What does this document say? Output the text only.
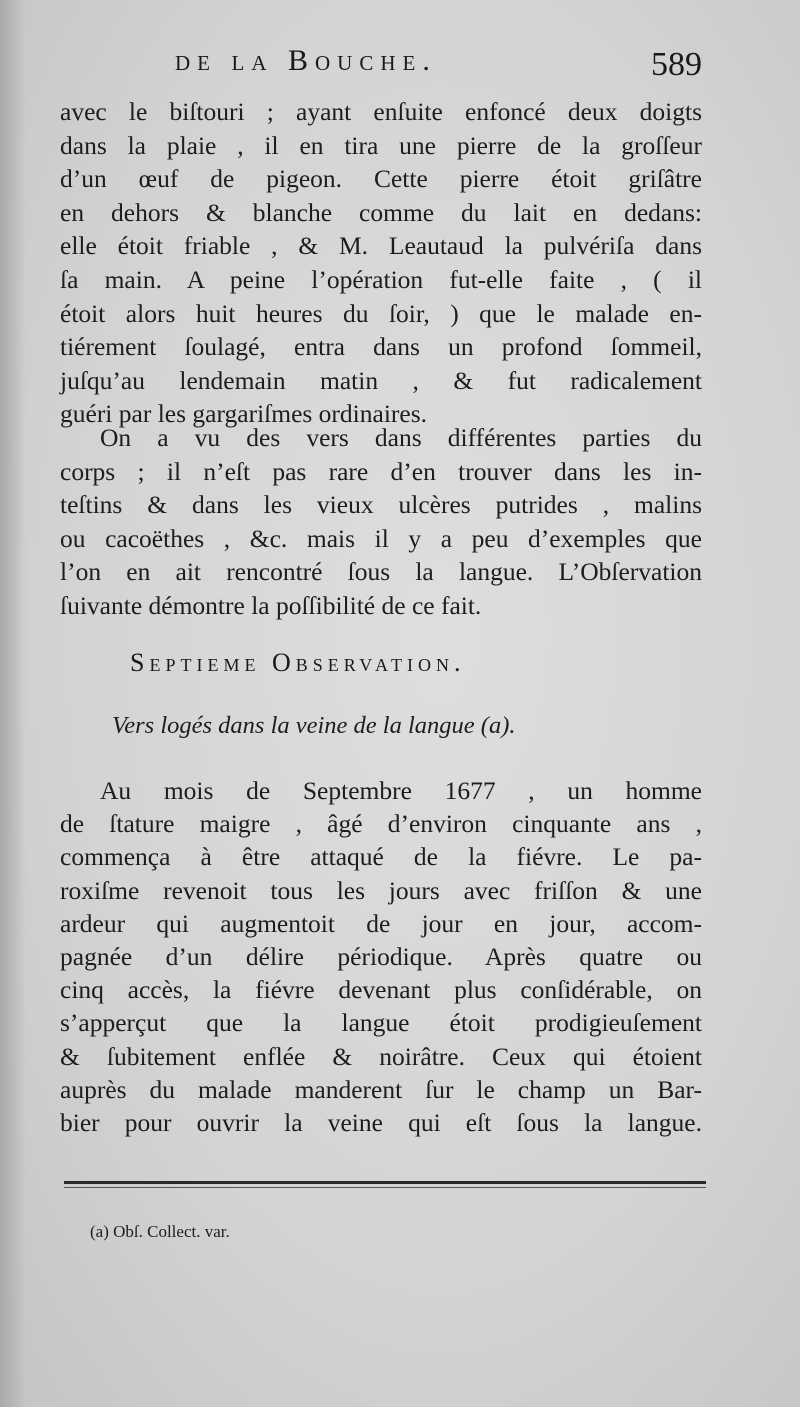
de la Bouche.	589
avec le biſtouri ; ayant enſuite enfoncé deux doigts
dans la plaie , il en tira une pierre de la groſſeur
d’un œuf de pigeon. Cette pierre étoit griſâtre
en dehors & blanche comme du lait en dedans:
elle étoit friable , & M. Leautaud la pulvériſa dans
ſa main. A peine l’opération fut-elle faite , ( il
étoit alors huit heures du ſoir, ) que le malade en-
tiérement ſoulagé, entra dans un profond ſommeil,
juſqu’au lendemain matin , & fut radicalement
guéri par les gargariſmes ordinaires.
On a vu des vers dans différentes parties du
corps ; il n’eſt pas rare d’en trouver dans les in-
teſtins & dans les vieux ulcères putrides , malins
ou cacoëthes , &c. mais il y a peu d’exemples que
l’on en ait rencontré ſous la langue. L’Obſervation
ſuivante démontre la poſſibilité de ce fait.
Septieme Observation.
Vers logés dans la veine de la langue (a).
Au mois de Septembre 1677 , un homme
de ſtature maigre , âgé d’environ cinquante ans ,
commença à être attaqué de la fiévre. Le pa-
roxiſme revenoit tous les jours avec friſſon & une
ardeur qui augmentoit de jour en jour, accom-
pagnée d’un délire périodique. Après quatre ou
cinq accès, la fiévre devenant plus conſidérable, on
s’apperçut que la langue étoit prodigieuſement
& ſubitement enflée & noirâtre. Ceux qui étoient
auprès du malade manderent ſur le champ un Bar-
bier pour ouvrir la veine qui eſt ſous la langue.
(a) Obſ. Collect. var.
